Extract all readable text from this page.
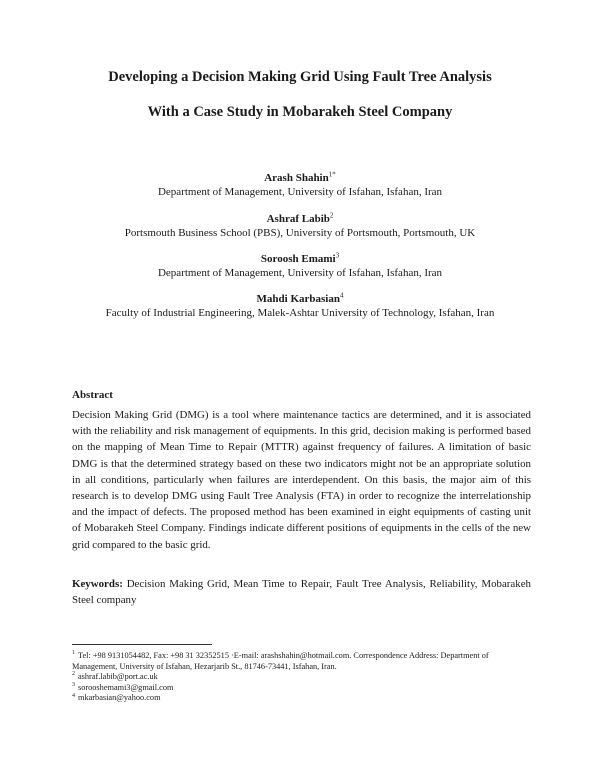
Developing a Decision Making Grid Using Fault Tree Analysis
With a Case Study in Mobarakeh Steel Company
Arash Shahin$^{1*}$
Department of Management, University of Isfahan, Isfahan, Iran
Ashraf Labib$^2$
Portsmouth Business School (PBS), University of Portsmouth, Portsmouth, UK
Soroosh Emami$^3$
Department of Management, University of Isfahan, Isfahan, Iran
Mahdi Karbasian$^4$
Faculty of Industrial Engineering, Malek-Ashtar University of Technology, Isfahan, Iran
Abstract

Decision Making Grid (DMG) is a tool where maintenance tactics are determined, and it is associated with the reliability and risk management of equipments. In this grid, decision making is performed based on the mapping of Mean Time to Repair (MTTR) against frequency of failures. A limitation of basic DMG is that the determined strategy based on these two indicators might not be an appropriate solution in all conditions, particularly when failures are interdependent. On this basis, the major aim of this research is to develop DMG using Fault Tree Analysis (FTA) in order to recognize the interrelationship and the impact of defects. The proposed method has been examined in eight equipments of casting unit of Mobarakeh Steel Company. Findings indicate different positions of equipments in the cells of the new grid compared to the basic grid.

Keywords: Decision Making Grid, Mean Time to Repair, Fault Tree Analysis, Reliability, Mobarakeh Steel company

$^1$ Tel: +98 9131054482, Fax: +98 31 32352515 ·E-mail: arashshahin@hotmail.com. Correspondence Address: Department of Management, University of Isfahan, Hezarjarib St., 81746-73441, Isfahan, Iran.

$^2$ ashraf.labib@port.ac.uk

$^3$ sorooshemami3@gmail.com

$^4$ mkarbasian@yahoo.com
